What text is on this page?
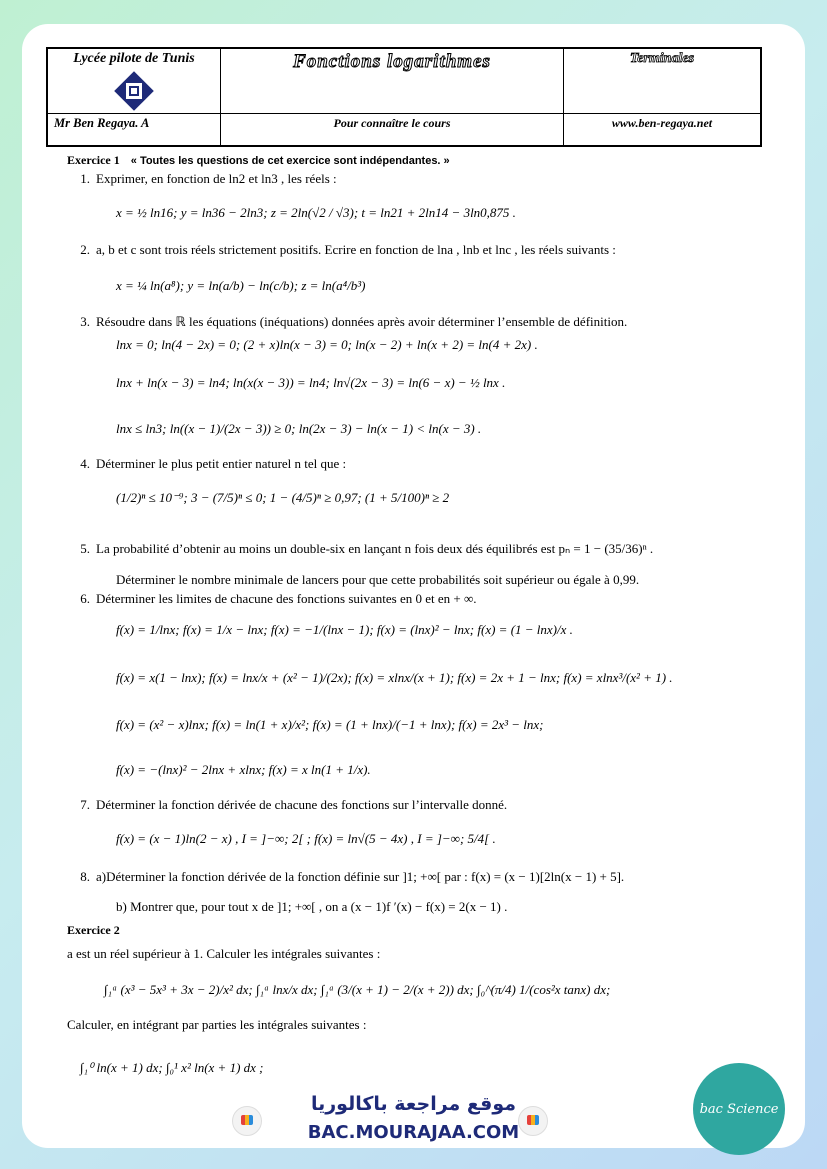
Lycée pilote de Tunis	Fonctions logarithmes	Terminales
Mr Ben Regaya. A	Pour connaître le cours	www.ben-regaya.net
Exercice 1 « Toutes les questions de cet exercice sont indépendantes. »
1. Exprimer, en fonction de ln2 et ln3 , les réels :
x = ½ ln16; y = ln36 − 2ln3; z = 2ln(√2 / √3); t = ln21 + 2ln14 − 3ln0,875 .
2. a, b et c sont trois réels strictement positifs. Ecrire en fonction de lna , lnb et lnc , les réels suivants :
x = ¼ ln(a⁸); y = ln(a/b) − ln(c/b); z = ln(a⁴/b³)
3. Résoudre dans ℝ les équations (inéquations) données après avoir déterminer l’ensemble de définition.
lnx = 0; ln(4 − 2x) = 0; (2 + x)ln(x − 3) = 0; ln(x − 2) + ln(x + 2) = ln(4 + 2x) .
lnx + ln(x − 3) = ln4; ln(x(x − 3)) = ln4; ln√(2x − 3) = ln(6 − x) − ½ lnx .
lnx ≤ ln3; ln((x − 1)/(2x − 3)) ≥ 0; ln(2x − 3) − ln(x − 1) < ln(x − 3) .
4. Déterminer le plus petit entier naturel n tel que :
(1/2)ⁿ ≤ 10⁻⁹; 3 − (7/5)ⁿ ≤ 0; 1 − (4/5)ⁿ ≥ 0,97; (1 + 5/100)ⁿ ≥ 2
5. La probabilité d’obtenir au moins un double-six en lançant n fois deux dés équilibrés est pₙ = 1 − (35/36)ⁿ .
Déterminer le nombre minimale de lancers pour que cette probabilités soit supérieur ou égale à 0,99.
6. Déterminer les limites de chacune des fonctions suivantes en 0 et en + ∞.
f(x) = 1/lnx; f(x) = 1/x − lnx; f(x) = −1/(lnx − 1); f(x) = (lnx)² − lnx; f(x) = (1 − lnx)/x .
f(x) = x(1 − lnx); f(x) = lnx/x + (x² − 1)/(2x); f(x) = xlnx/(x + 1); f(x) = 2x + 1 − lnx; f(x) = xlnx³/(x² + 1) .
f(x) = (x² − x)lnx; f(x) = ln(1 + x)/x²; f(x) = (1 + lnx)/(−1 + lnx); f(x) = 2x³ − lnx;
f(x) = −(lnx)² − 2lnx + xlnx; f(x) = x ln(1 + 1/x).
7. Déterminer la fonction dérivée de chacune des fonctions sur l’intervalle donné.
f(x) = (x − 1)ln(2 − x) , I = ]−∞; 2[ ; f(x) = ln√(5 − 4x) , I = ]−∞; 5/4[ .
8. a)Déterminer la fonction dérivée de la fonction définie sur ]1; +∞[ par : f(x) = (x − 1)[2ln(x − 1) + 5].
b) Montrer que, pour tout x de ]1; +∞[ , on a (x − 1)f ′(x) − f(x) = 2(x − 1) .
Exercice 2
a est un réel supérieur à 1. Calculer les intégrales suivantes :
∫₁ᵃ (x³ − 5x³ + 3x − 2)/x² dx; ∫₁ᵃ lnx/x dx; ∫₁ᵃ (3/(x + 1) − 2/(x + 2)) dx; ∫₀^(π/4) 1/(cos²x tanx) dx;
Calculer, en intégrant par parties les intégrales suivantes :
∫₁⁰ ln(x + 1) dx; ∫₀¹ x² ln(x + 1) dx ;
موقع مراجعة باكالوريا
BAC.MOURAJAA.COM
bac Science
